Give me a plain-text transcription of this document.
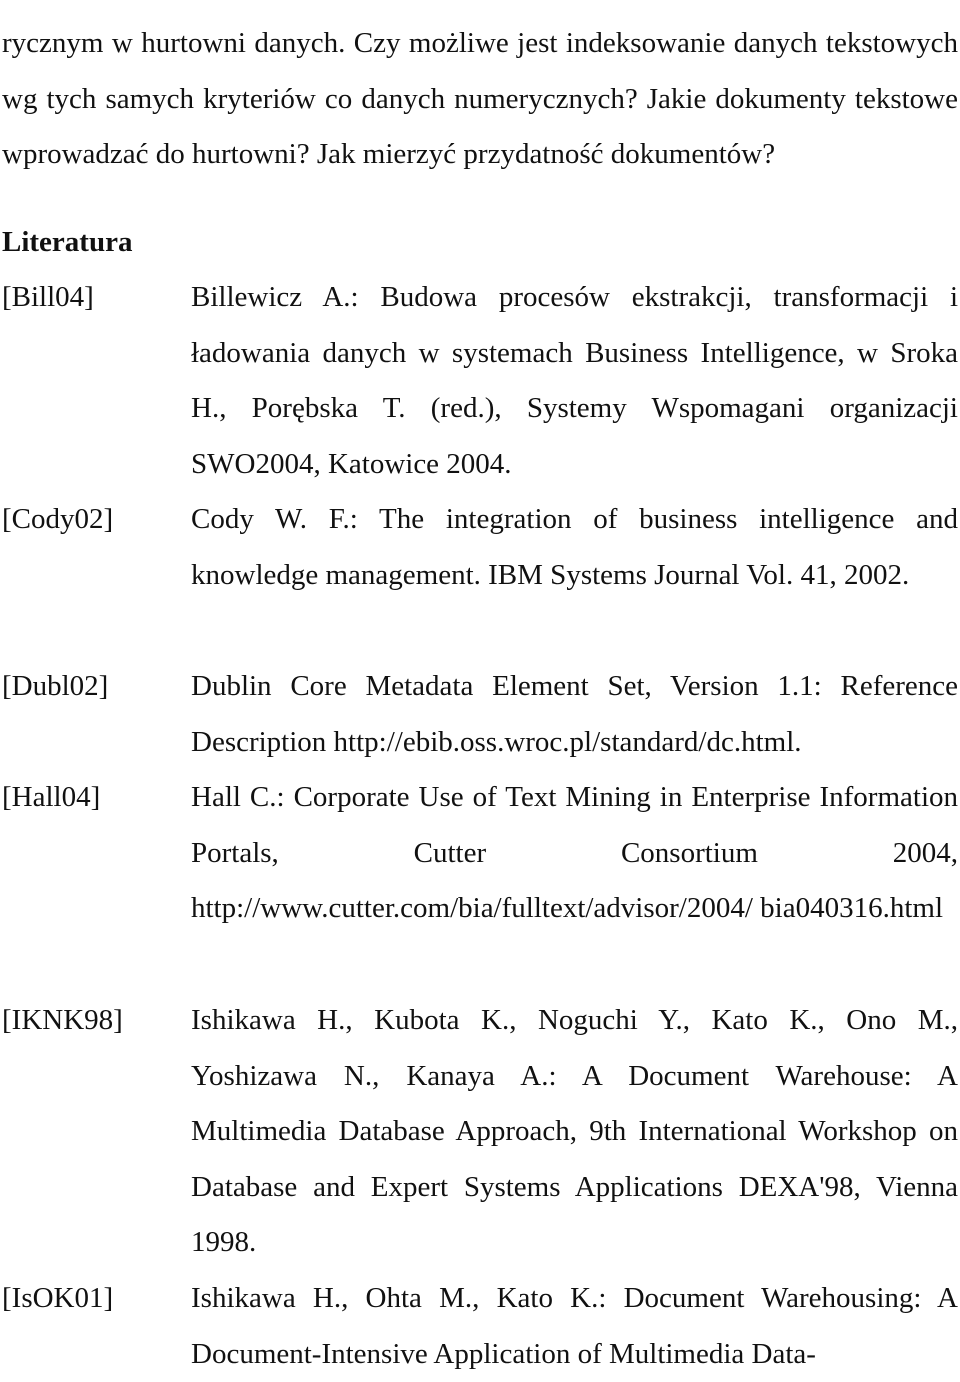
rycznym w hurtowni danych. Czy możliwe jest indeksowanie danych tekstowych wg tych samych kryteriów co danych numerycznych? Jakie dokumenty tekstowe wprowadzać do hurtowni? Jak mierzyć przydatność dokumentów?

Literatura
[Bill04]	Billewicz A.: Budowa procesów ekstrakcji, transformacji i ładowania danych w systemach Business Intelligence, w Sroka H., Porębska T. (red.), Systemy Wspomagani organizacji SWO2004, Katowice 2004.
[Cody02]	Cody W. F.: The integration of business intelligence and knowledge management. IBM Systems Journal Vol. 41, 2002.
[Dubl02]	Dublin Core Metadata Element Set, Version 1.1: Reference Description http://ebib.oss.wroc.pl/standard/dc.html.
[Hall04]	Hall C.: Corporate Use of Text Mining in Enterprise Information Portals, Cutter Consortium 2004, http://www.cutter.com/bia/fulltext/advisor/2004/ bia040316.html
[IKNK98] Ishikawa H., Kubota K., Noguchi Y., Kato K., Ono M., Yoshizawa N., Kanaya A.: A Document Warehouse: A Multimedia Database Approach, 9th International Workshop on Database and Expert Systems Applications DEXA'98, Vienna 1998.
[IsOK01]	Ishikawa H., Ohta M., Kato K.: Document Warehousing: A Document-Intensive Application of Multimedia Data-
